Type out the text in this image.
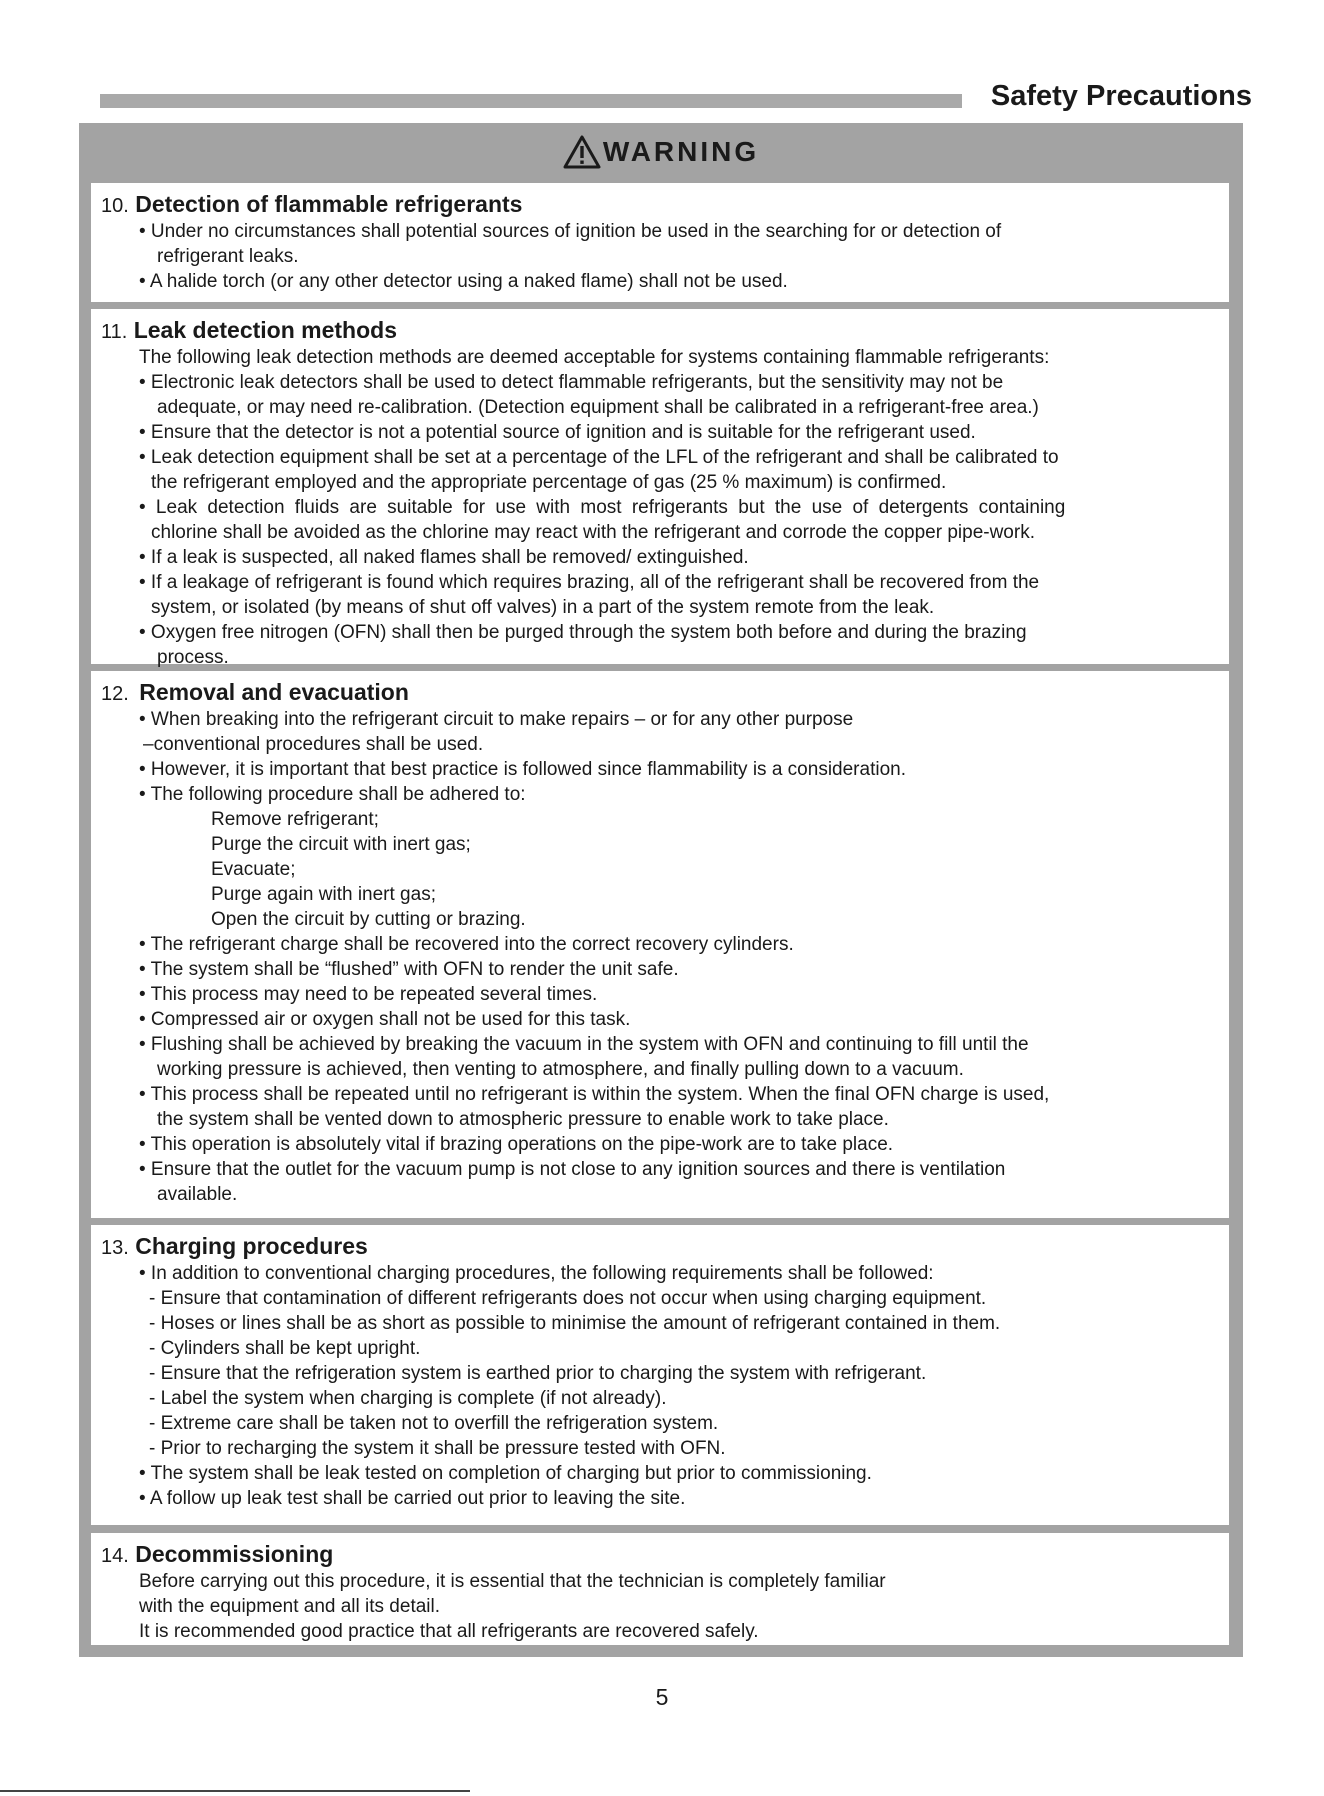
Safety Precautions
WARNING

10. Detection of flammable refrigerants

• Under no circumstances shall potential sources of ignition be used in the searching for or detection of
refrigerant leaks.
• A halide torch (or any other detector using a naked flame) shall not be used.

11. Leak detection methods

The following leak detection methods are deemed acceptable for systems containing flammable refrigerants:
• Electronic leak detectors shall be used to detect flammable refrigerants, but the sensitivity may not be
adequate, or may need re-calibration. (Detection equipment shall be calibrated in a refrigerant-free area.)
• Ensure that the detector is not a potential source of ignition and is suitable for the refrigerant used.
• Leak detection equipment shall be set at a percentage of the LFL of the refrigerant and shall be calibrated to
the refrigerant employed and the appropriate percentage of gas (25 % maximum) is confirmed.
• Leak detection fluids are suitable for use with most refrigerants but the use of detergents containing
chlorine shall be avoided as the chlorine may react with the refrigerant and corrode the copper pipe-work.
• If a leak is suspected, all naked flames shall be removed/ extinguished.
• If a leakage of refrigerant is found which requires brazing, all of the refrigerant shall be recovered from the
system, or isolated (by means of shut off valves) in a part of the system remote from the leak.
• Oxygen free nitrogen (OFN) shall then be purged through the system both before and during the brazing
process.

12. Removal and evacuation

• When breaking into the refrigerant circuit to make repairs – or for any other purpose
–conventional procedures shall be used.
• However, it is important that best practice is followed since flammability is a consideration.
• The following procedure shall be adhered to:
Remove refrigerant;
Purge the circuit with inert gas;
Evacuate;
Purge again with inert gas;
Open the circuit by cutting or brazing.
• The refrigerant charge shall be recovered into the correct recovery cylinders.
• The system shall be “flushed” with OFN to render the unit safe.
• This process may need to be repeated several times.
• Compressed air or oxygen shall not be used for this task.
• Flushing shall be achieved by breaking the vacuum in the system with OFN and continuing to fill until the
working pressure is achieved, then venting to atmosphere, and finally pulling down to a vacuum.
• This process shall be repeated until no refrigerant is within the system. When the final OFN charge is used,
the system shall be vented down to atmospheric pressure to enable work to take place.
• This operation is absolutely vital if brazing operations on the pipe-work are to take place.
• Ensure that the outlet for the vacuum pump is not close to any ignition sources and there is ventilation
available.

13. Charging procedures

• In addition to conventional charging procedures, the following requirements shall be followed:
- Ensure that contamination of different refrigerants does not occur when using charging equipment.
- Hoses or lines shall be as short as possible to minimise the amount of refrigerant contained in them.
- Cylinders shall be kept upright.
- Ensure that the refrigeration system is earthed prior to charging the system with refrigerant.
- Label the system when charging is complete (if not already).
- Extreme care shall be taken not to overfill the refrigeration system.
- Prior to recharging the system it shall be pressure tested with OFN.
• The system shall be leak tested on completion of charging but prior to commissioning.
• A follow up leak test shall be carried out prior to leaving the site.

14. Decommissioning

Before carrying out this procedure, it is essential that the technician is completely familiar
with the equipment and all its detail.
It is recommended good practice that all refrigerants are recovered safely.
5
